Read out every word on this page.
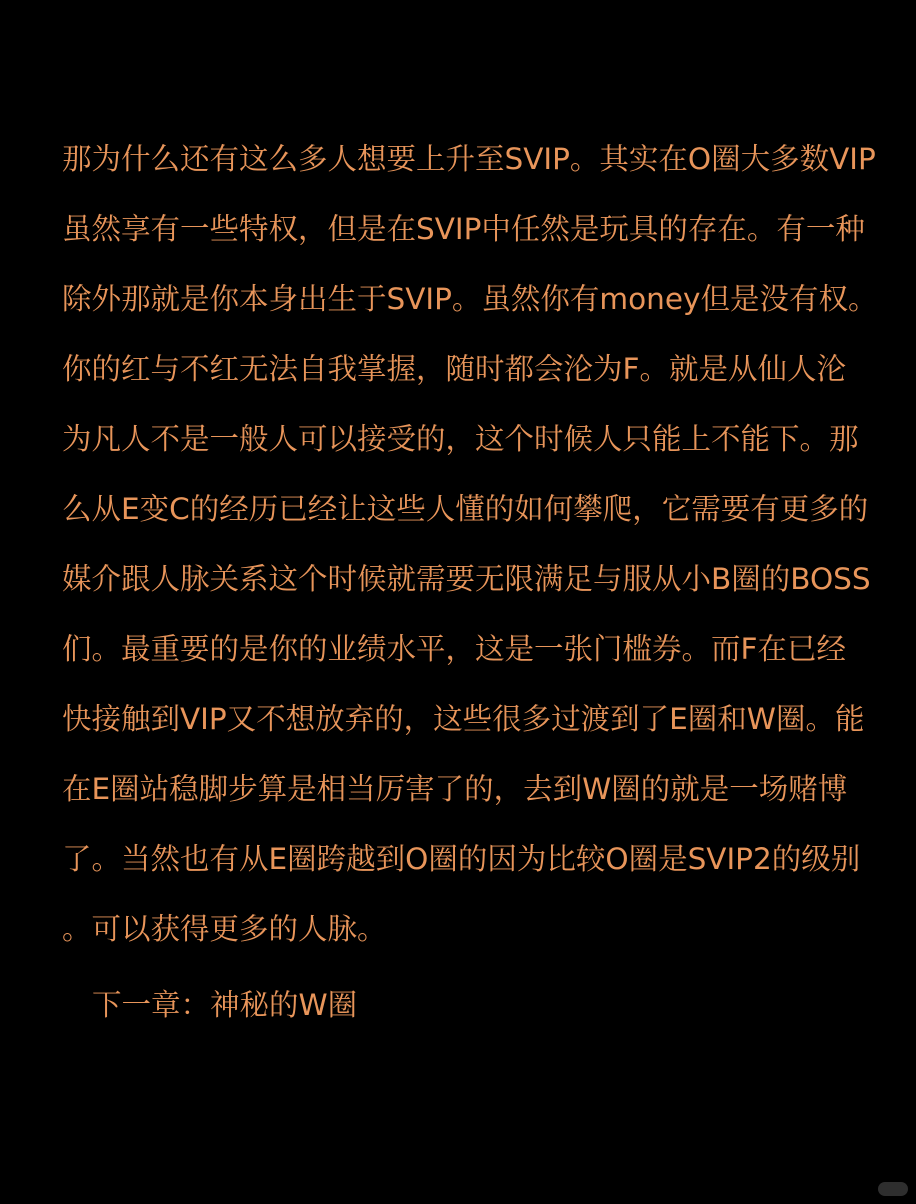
那为什么还有这么多人想要上升至SVIP。其实在O圈大多数VIP
虽然享有一些特权，但是在SVIP中任然是玩具的存在。有一种
除外那就是你本身出生于SVIP。虽然你有money但是没有权。
你的红与不红无法自我掌握，随时都会沦为F。就是从仙人沦
为凡人不是一般人可以接受的，这个时候人只能上不能下。那
么从E变C的经历已经让这些人懂的如何攀爬，它需要有更多的
媒介跟人脉关系这个时候就需要无限满足与服从小B圈的BOSS
们。最重要的是你的业绩水平，这是一张门槛券。而F在已经
快接触到VIP又不想放弃的，这些很多过渡到了E圈和W圈。能
在E圈站稳脚步算是相当厉害了的，去到W圈的就是一场赌博
了。当然也有从E圈跨越到O圈的因为比较O圈是SVIP2的级别
。可以获得更多的人脉。
下一章：神秘的W圈
